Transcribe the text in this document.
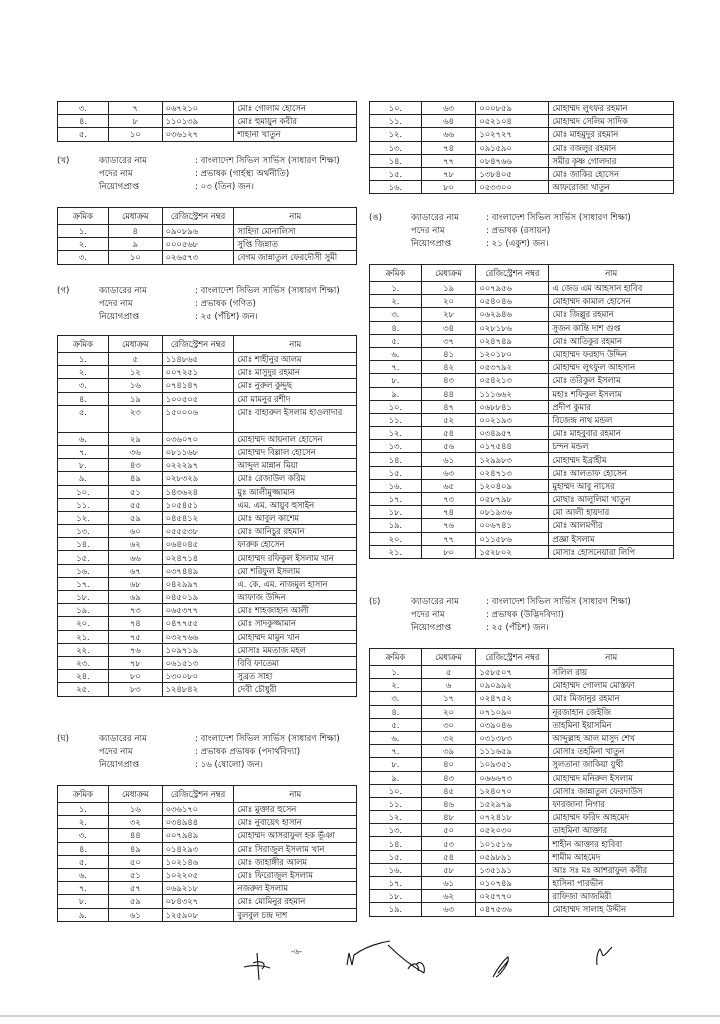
৩.	৭	০৬৭২১০	মোঃ গোলাম হোসেন
৪.	৮	১১০১৩৯	মোঃ হুমায়ুন কবীর
৫.	১০	০৩৬১২৭	শাহানা খাতুন
(খ)	ক্যাডারের নাম	: বাংলাদেশ সিভিল সার্ভিস (সাধারণ শিক্ষা)
পদের নাম	: প্রভাষক (গার্হস্থ্য অর্থনীতি)
নিয়োগপ্রাপ্ত	: ০৩ (তিন) জন।
ক্রমিক	মেধাক্রম	রেজিস্ট্রেশন নম্বর	নাম
১.	৪	০৯০৮৯৬	সাহিদা মোনালিসা
২.	৯	০০০৫৬৮	সুপ্তি জিন্নাত
৩.	১০	০২৬৫৭৩	বেগম জান্নাতুল ফেরদৌসী সুমী
(গ)	ক্যাডারের নাম	: বাংলাদেশ সিভিল সার্ভিস (সাধারণ শিক্ষা)
পদের নাম	: প্রভাষক (গণিত)
নিয়োগপ্রাপ্ত	: ২৫ (পঁচিশ) জন।
ক্রমিক	মেধাক্রম	রেজিস্ট্রেশন নম্বর	নাম
১.	৫	১১৪৮৬৫	মোঃ শাহীনুর আলম
২.	১২	০০৭২৫১	মোঃ মাসুদুর রহমান
৩.	১৬	০৭৪১৪৭	মোঃ নুরুল কুদ্দুছ
৪.	১৯	১০০৫০৫	মো মামনুর রশীদ
৫.	২৩	১৫০০০৬	মোঃ বাহারুল ইসলাম হাওলাদার
৬.	২৯	০৩৬০৭০	মোহাম্মদ আয়নাল হোসেন
৭.	৩৬	০৮১১৬৮	মোহাম্মদ বিল্লাল হোসেন
৮.	৪৩	০২২২৯৭	আব্দুল মান্নান মিয়া
৯.	৪৯	০২৮৩২৯	মোঃ রেজাউল করিম
১০.	৫১	১৪৩৬২৪	মুঃ আলীমুজ্জামান
১১.	৫৫	১০৫৪৫১	এম. এম. আয়ুব হুসাইন
১২.	৫৯	০৪৫৪১২	মোঃ আবুল কাশেম
১৩.	৬০	০৫৫৫৩৮	মোঃ আনিচুর রহমান
১৪.	৬২	০৬৪০৪৫	ফারুক হোসেন
১৫.	৬৬	০২৪৭১৪	মোহাম্মদ রফিকুল ইসলাম খান
১৬.	৬৭	০৩৭৪৪৯	মো শরিফুল ইসলাম
১৭.	৬৮	০৪২৯৯৭	এ. কে. এম. নাজমুল হাসান
১৮.	৬৯	০৪৫০১৯	আফাজ উদ্দিন
১৯.	৭৩	০৬৫৩৭৭	মোঃ শাহজাহান আলী
২০.	৭৪	০৪৭৭৫৫	মোঃ সাদকুজ্জামান
২১.	৭৫	০৩২৭৬৬	মোহাম্মদ মামুন খান
২২.	৭৬	১০৯৭১৯	মোসাঃ মমতাজ মহল
২৩.	৭৮	০৬১৫১৩	বিবি ফাতেমা
২৪.	৮০	১৩০০৮০	সুব্রত সাহা
২৫.	৮৩	১২৪৮৪২	দেবী চৌধুরী
(ঘ)	ক্যাডারের নাম	: বাংলাদেশ সিভিল সার্ভিস (সাধারণ শিক্ষা)
পদের নাম	: প্রভাষক প্রভাষক (পদার্থবিদ্যা)
নিয়োগপ্রাপ্ত	: ১৬ (ষোলো) জন।
ক্রমিক	মেধাক্রম	রেজিস্ট্রেশন নম্বর	নাম
১.	১৬	০৩৬১৭০	মোঃ মুক্তার হুসেন
২.	৩২	০৩৪৯৪৪	মোঃ নুবায়েৎ হাসান
৩.	৪৪	০০৭৯৪৯	মোহাম্মদ আসরাফুল হক ভূঁঞা
৪.	৪৯	০১৪২৯৩	মোঃ সিরাজুল ইসলাম খান
৫.	৫০	১০২১৪৬	মোঃ জাহাঙ্গীর আলম
৬.	৫১	১০২২০৫	মোঃ ফিরোজুল ইসলাম
৭.	৫৭	০৬৯২১৮	নজরুল ইসলাম
৮.	৫৯	০৮৪৩২৭	মোঃ মোমিনুর রহমান
৯.	৬১	১২৫৯০৮	বুলবুল চন্দ্র দাশ
১০.	৬৩	০০০৮৫৯	মোহাম্মদ লুৎফর রহমান
১১.	৬৪	০৫২১০৪	মোহাম্মদ সেলিম সাদিক
১২.	৬৬	১০২৭২৭	মোঃ মাহমুদুর রহমান
১৩.	৭৪	০৯১৫৯০	মোঃ বজলুর রহমান
১৪.	৭৭	০৮৪৭৬৬	সমীর কৃষ্ণ গোলদার
১৫.	৭৮	১৩৮৪০৫	মোঃ জাকির হোসেন
১৬.	৮০	০৫৩৩০০	আফরোজা খাতুন
(ঙ)	ক্যাডারের নাম	: বাংলাদেশ সিভিল সার্ভিস (সাধারণ শিক্ষা)
পদের নাম	: প্রভাষক (রসায়ন)
নিয়োগপ্রাপ্ত	: ২১ (একুশ) জন।
ক্রমিক	মেধাক্রম	রেজিস্ট্রেশন নম্বর	নাম
১.	১৯	০০৭৯৫৬	এ জেড এম আহসান হাবিব
২.	২০	০৫৪০৪৬	মোহাম্মদ কামাল হোসেন
৩.	২৮	০৬২৯৪৬	মোঃ জিল্লুর রহমান
৪.	৩৪	০২৮১৮৬	সুজন কান্তি দাশ গুপ্ত
৫.	৩৭	০২৪৭৪৯	মোঃ আতিকুর রহমান
৬.	৪১	১২০১৮০	মোহাম্মদ ফরহাদ উদ্দিন
৭.	৪২	০৫৩৭৯২	মোহাম্মদ লুৎফুল আহসান
৮.	৪৩	০৫৪২১৩	মোঃ তরিকুল ইসলাম
৯.	৪৪	১১১৬৬২	মহাঃ শফিকুল ইসলাম
১০.	৪৭	০৬৮৮৪১	প্রদীপ কুমার
১১.	৫২	০০২১৯৩	বিজেন্দ্র নাথ মন্ডল
১২.	৫৪	০৩৪৯৫৭	মোঃ মাহবুবার রহমান
১৩.	৫৬	০১৭৫৪৪	চন্দন মন্ডল
১৪.	৬১	১২৯৯৮৩	মোহাম্মদ ইব্রাহীম
১৫.	৬৩	০২৪৭১৩	মোঃ আলতাফ হোসেন
১৬.	৬৫	১২০৪০৯	মুহাম্মদ আবু নাসের
১৭.	৭৩	০৫৮৭৯৮	মোছাঃ আলুলিমা খাতুন
১৮.	৭৪	০৮১৯৩৬	মো আলী হায়দার
১৯.	৭৬	০০৬৭৪১	মোঃ আলমগীর
২০.	৭৭	০১১৫৮৬	প্রজ্ঞা ইসলাম
২১.	৮০	১৫২৮০২	মোসাঃ হোসনেয়ারা লিপি
(চ)	ক্যাডারের নাম	: বাংলাদেশ সিভিল সার্ভিস (সাধারণ শিক্ষা)
পদের নাম	: প্রভাষক (উদ্ভিদবিদ্যা)
নিয়োগপ্রাপ্ত	: ২৫ (পঁচিশ) জন।
ক্রমিক	মেধাক্রম	রেজিস্ট্রেশন নম্বর	নাম
১.	৫	১৫৮৫০৭	সলিল রায়
২.	৬	০৯০৯৯২	মোহাম্মদ গোলাম মোস্তফা
৩.	১৭	০২৪৭৫২	মোঃ মিজানুর রহমান
৪.	২০	০৭১০৯০	নূরজাহান জেইজি
৫.	৩০	০৩৯০৪৬	তাহমিনা ইয়াসমিন
৬.	৩২	০৩১৩৮৩	আব্দুল্লাহ আল মাসুদ শেখ
৭.	৩৯	১১১৬৫৯	মোসাঃ তহমিনা খাতুন
৮.	৪০	১০৯৩৫১	সুলতানা জাকিয়া যুথী
৯.	৪৩	০৬৬৬৭৩	মোহাম্মদ মনিরুল ইসলাম
১০.	৪৫	১২৪০৭০	মোসাঃ জান্নাতুল ফেরদাউস
১১.	৪৬	১৫২৯৭৯	ফারজানা নিগার
১২.	৪৮	০৭২৪১৮	মোহাম্মদ ফরিদ আহমেদ
১৩.	৫০	০৫২০৩০	তাহমিনা আক্তার
১৪.	৫৩	১০১৫১৬	শাহীন আক্তার হাবিবা
১৫.	৫৪	০৫৯৮৯১	শামীম আহমেদ
১৬.	৫৮	১৩৫১৯১	আঃ সঃ মঃ আশরাফুল কবীর
১৭.	৬১	০১০৭৪৯	হাসিনা পারভীন
১৮.	৬২	০২৫৭৭০	রাফিজা আজমিরী
১৯.	৬৩	০৪৭৫৩৬	মোহাম্মদ সালাহ উদ্দীন
-৬-
